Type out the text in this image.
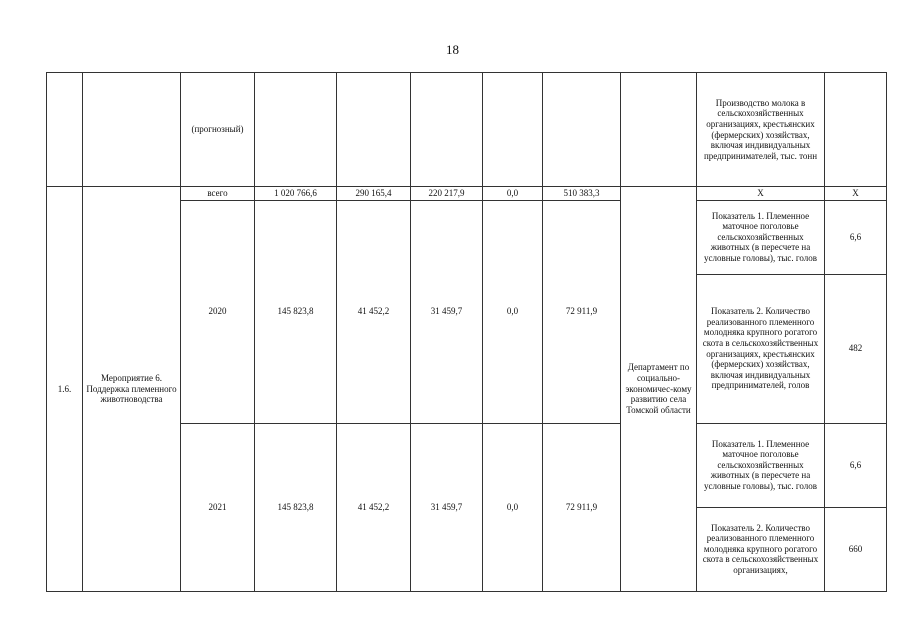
18
		(прогнозный)							Производство молока в сельскохозяйственных организациях, крестьянских (фермерских) хозяйствах, включая индивидуальных предпринимателей, тыс. тонн	
1.6.	Мероприятие 6. Поддержка племенного животноводства	всего	1 020 766,6	290 165,4	220 217,9	0,0	510 383,3	Департамент по социально-экономичес-кому развитию села Томской области	Х	Х
		2020	145 823,8	41 452,2	31 459,7	0,0	72 911,9		Показатель 1. Племенное маточное поголовье сельскохозяйственных животных (в пересчете на условные головы), тыс. голов	6,6
									Показатель 2. Количество реализованного племенного молодняка крупного рогатого скота в сельскохозяйственных организациях, крестьянских (фермерских) хозяйствах, включая индивидуальных предпринимателей, голов	482
		2021	145 823,8	41 452,2	31 459,7	0,0	72 911,9		Показатель 1. Племенное маточное поголовье сельскохозяйственных животных (в пересчете на условные головы), тыс. голов	6,6
									Показатель 2. Количество реализованного племенного молодняка крупного рогатого скота в сельскохозяйственных организациях,	660
